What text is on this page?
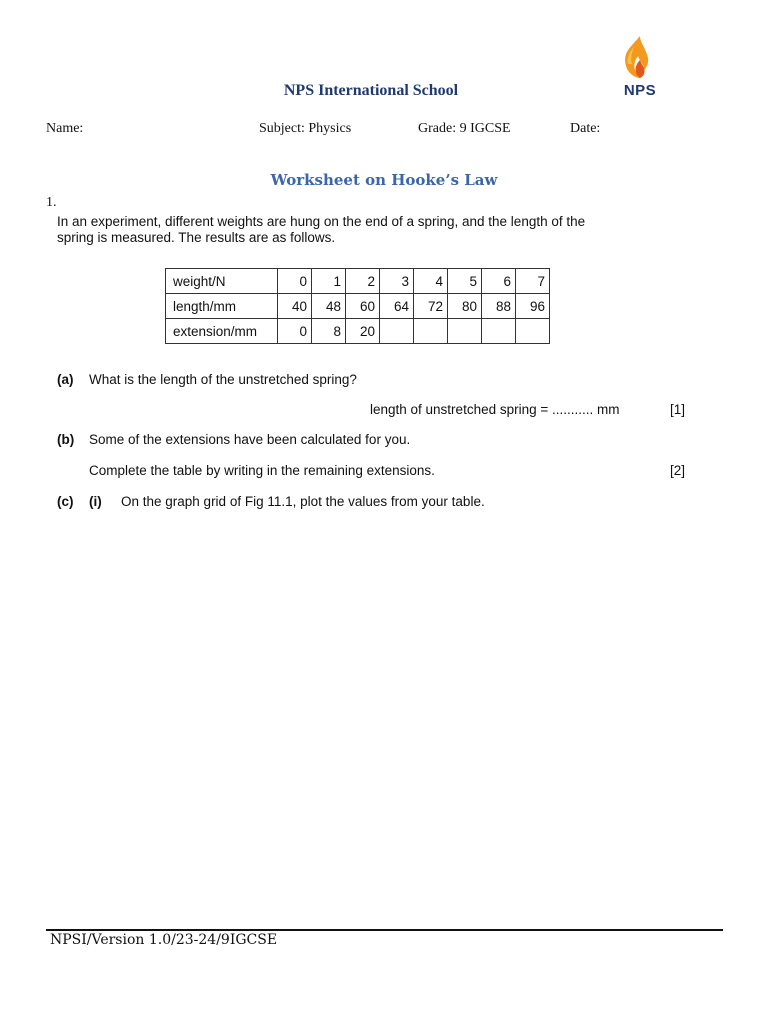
NPS International School	NPS
Name:	Subject: Physics	Grade: 9 IGCSE	Date:
Worksheet on Hooke’s Law
1.
In an experiment, different weights are hung on the end of a spring, and the length of the
spring is measured. The results are as follows.
weight/N	0	1	2	3	4	5	6	7
length/mm	40	48	60	64	72	80	88	96
extension/mm	0	8	20					
(a) What is the length of the unstretched spring?
length of unstretched spring = ........... mm	[1]
(b) Some of the extensions have been calculated for you.
Complete the table by writing in the remaining extensions.	[2]
(c) (i) On the graph grid of Fig 11.1, plot the values from your table.
NPSI/Version 1.0/23-24/9IGCSE
